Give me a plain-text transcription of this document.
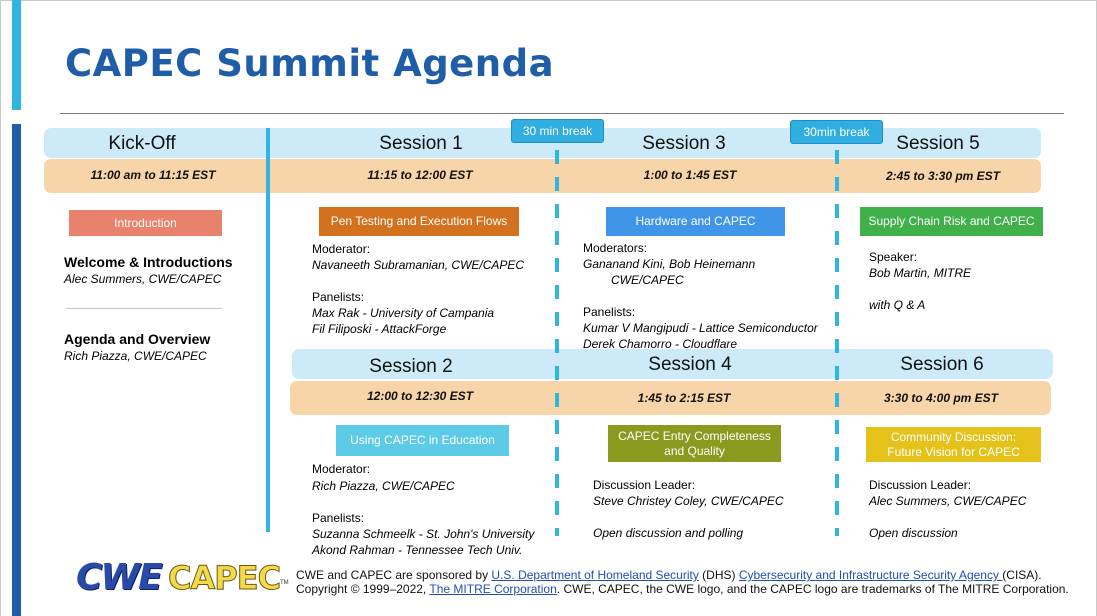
CAPEC Summit Agenda
30 min break	30min break
Kick-Off
11:00 am to 11:15 EST
Introduction
Welcome & Introductions
Alec Summers, CWE/CAPEC
Agenda and Overview
Rich Piazza, CWE/CAPEC
Session 1
11:15 to 12:00 EST
Pen Testing and Execution Flows
Moderator:
Navaneeth Subramanian, CWE/CAPEC
Panelists:
Max Rak - University of Campania
Fil Filiposki - AttackForge
Session 3
1:00 to 1:45 EST
Hardware and CAPEC
Moderators:
Gananand Kini, Bob Heinemann
CWE/CAPEC
Panelists:
Kumar V Mangipudi - Lattice Semiconductor
Derek Chamorro - Cloudflare
Session 5
2:45 to 3:30 pm EST
Supply Chain Risk and CAPEC
Speaker:
Bob Martin, MITRE
with Q & A
Session 2
12:00 to 12:30 EST
Using CAPEC in Education
Moderator:
Rich Piazza, CWE/CAPEC
Panelists:
Suzanna Schmeelk - St. John's University
Akond Rahman - Tennessee Tech Univ.
Session 4
1:45 to 2:15 EST
CAPEC Entry Completeness
and Quality
Discussion Leader:
Steve Christey Coley, CWE/CAPEC
Open discussion and polling
Session 6
3:30 to 4:00 pm EST
Community Discussion:
Future Vision for CAPEC
Discussion Leader:
Alec Summers, CWE/CAPEC
Open discussion
CWE CAPEC TM
CWE and CAPEC are sponsored by U.S. Department of Homeland Security (DHS) Cybersecurity and Infrastructure Security Agency (CISA).
Copyright © 1999–2022, The MITRE Corporation. CWE, CAPEC, the CWE logo, and the CAPEC logo are trademarks of The MITRE Corporation.
